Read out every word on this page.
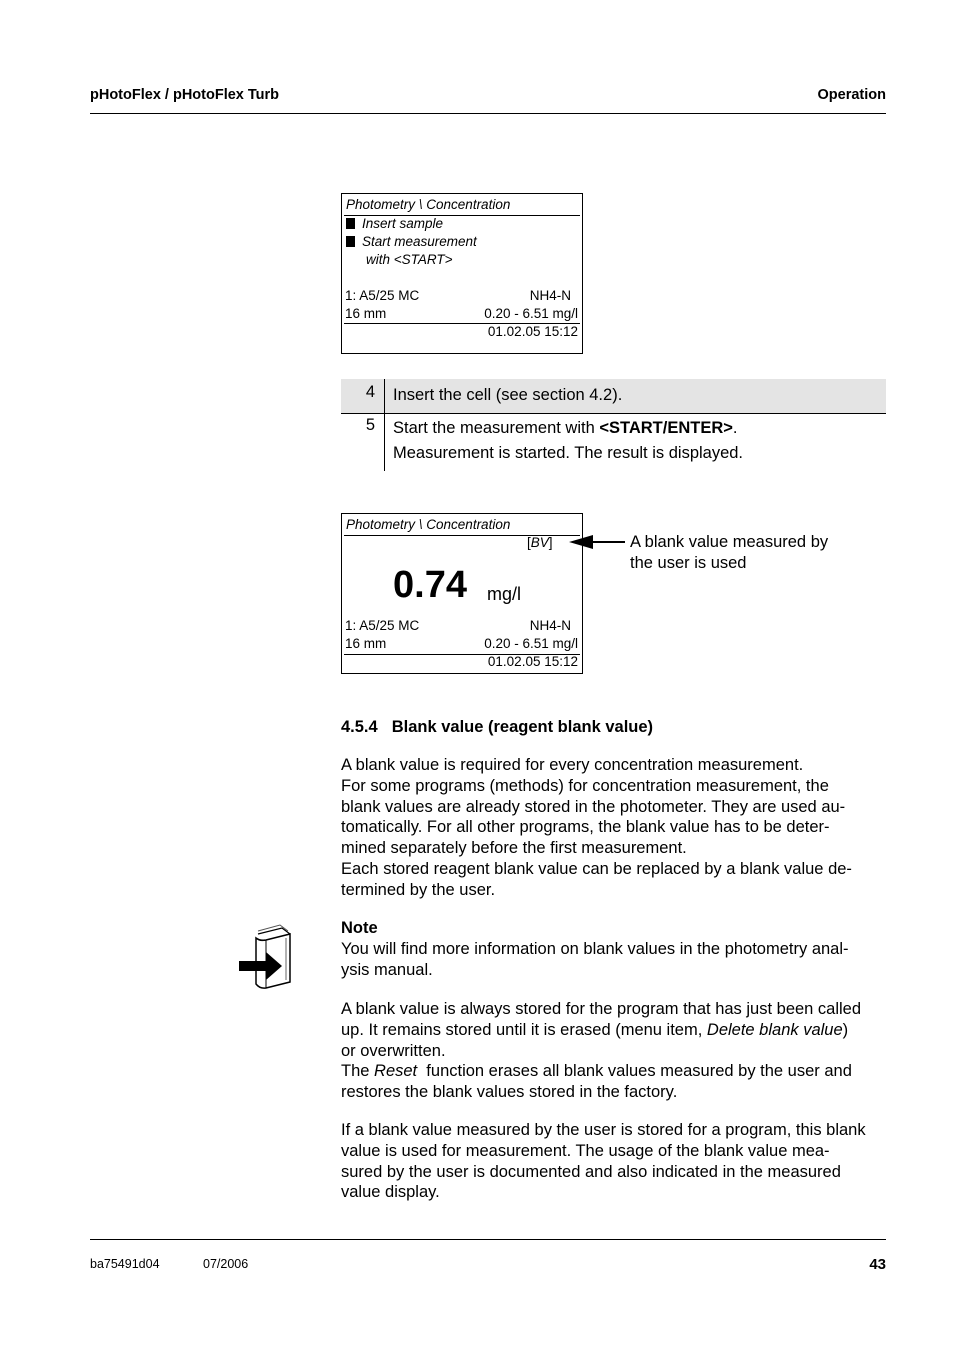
pHotoFlex / pHotoFlex Turb	Operation
Photometry \ Concentration
Insert sample
Start measurement
with <START>
1: A5/25 MC	NH4-N
16 mm	0.20 - 6.51 mg/l
01.02.05 15:12
4 Insert the cell (see section 4.2).
5 Start the measurement with <START/ENTER>.
Measurement is started. The result is displayed.
Photometry \ Concentration
[BV]
0.74 mg/l
1: A5/25 MC	NH4-N
16 mm	0.20 - 6.51 mg/l
01.02.05 15:12
A blank value measured by
the user is used
4.5.4 Blank value (reagent blank value)

A blank value is required for every concentration measurement.

For some programs (methods) for concentration measurement, the

blank values are already stored in the photometer. They are used au-

tomatically. For all other programs, the blank value has to be deter-

mined separately before the first measurement.

Each stored reagent blank value can be replaced by a blank value de-

termined by the user.

Note

You will find more information on blank values in the photometry anal-

ysis manual.

A blank value is always stored for the program that has just been called

up. It remains stored until it is erased (menu item, Delete blank value)

or overwritten.

The Reset  function erases all blank values measured by the user and

restores the blank values stored in the factory.

If a blank value measured by the user is stored for a program, this blank

value is used for measurement. The usage of the blank value mea-

sured by the user is documented and also indicated in the measured

value display.

ba75491d04	07/2006	43
